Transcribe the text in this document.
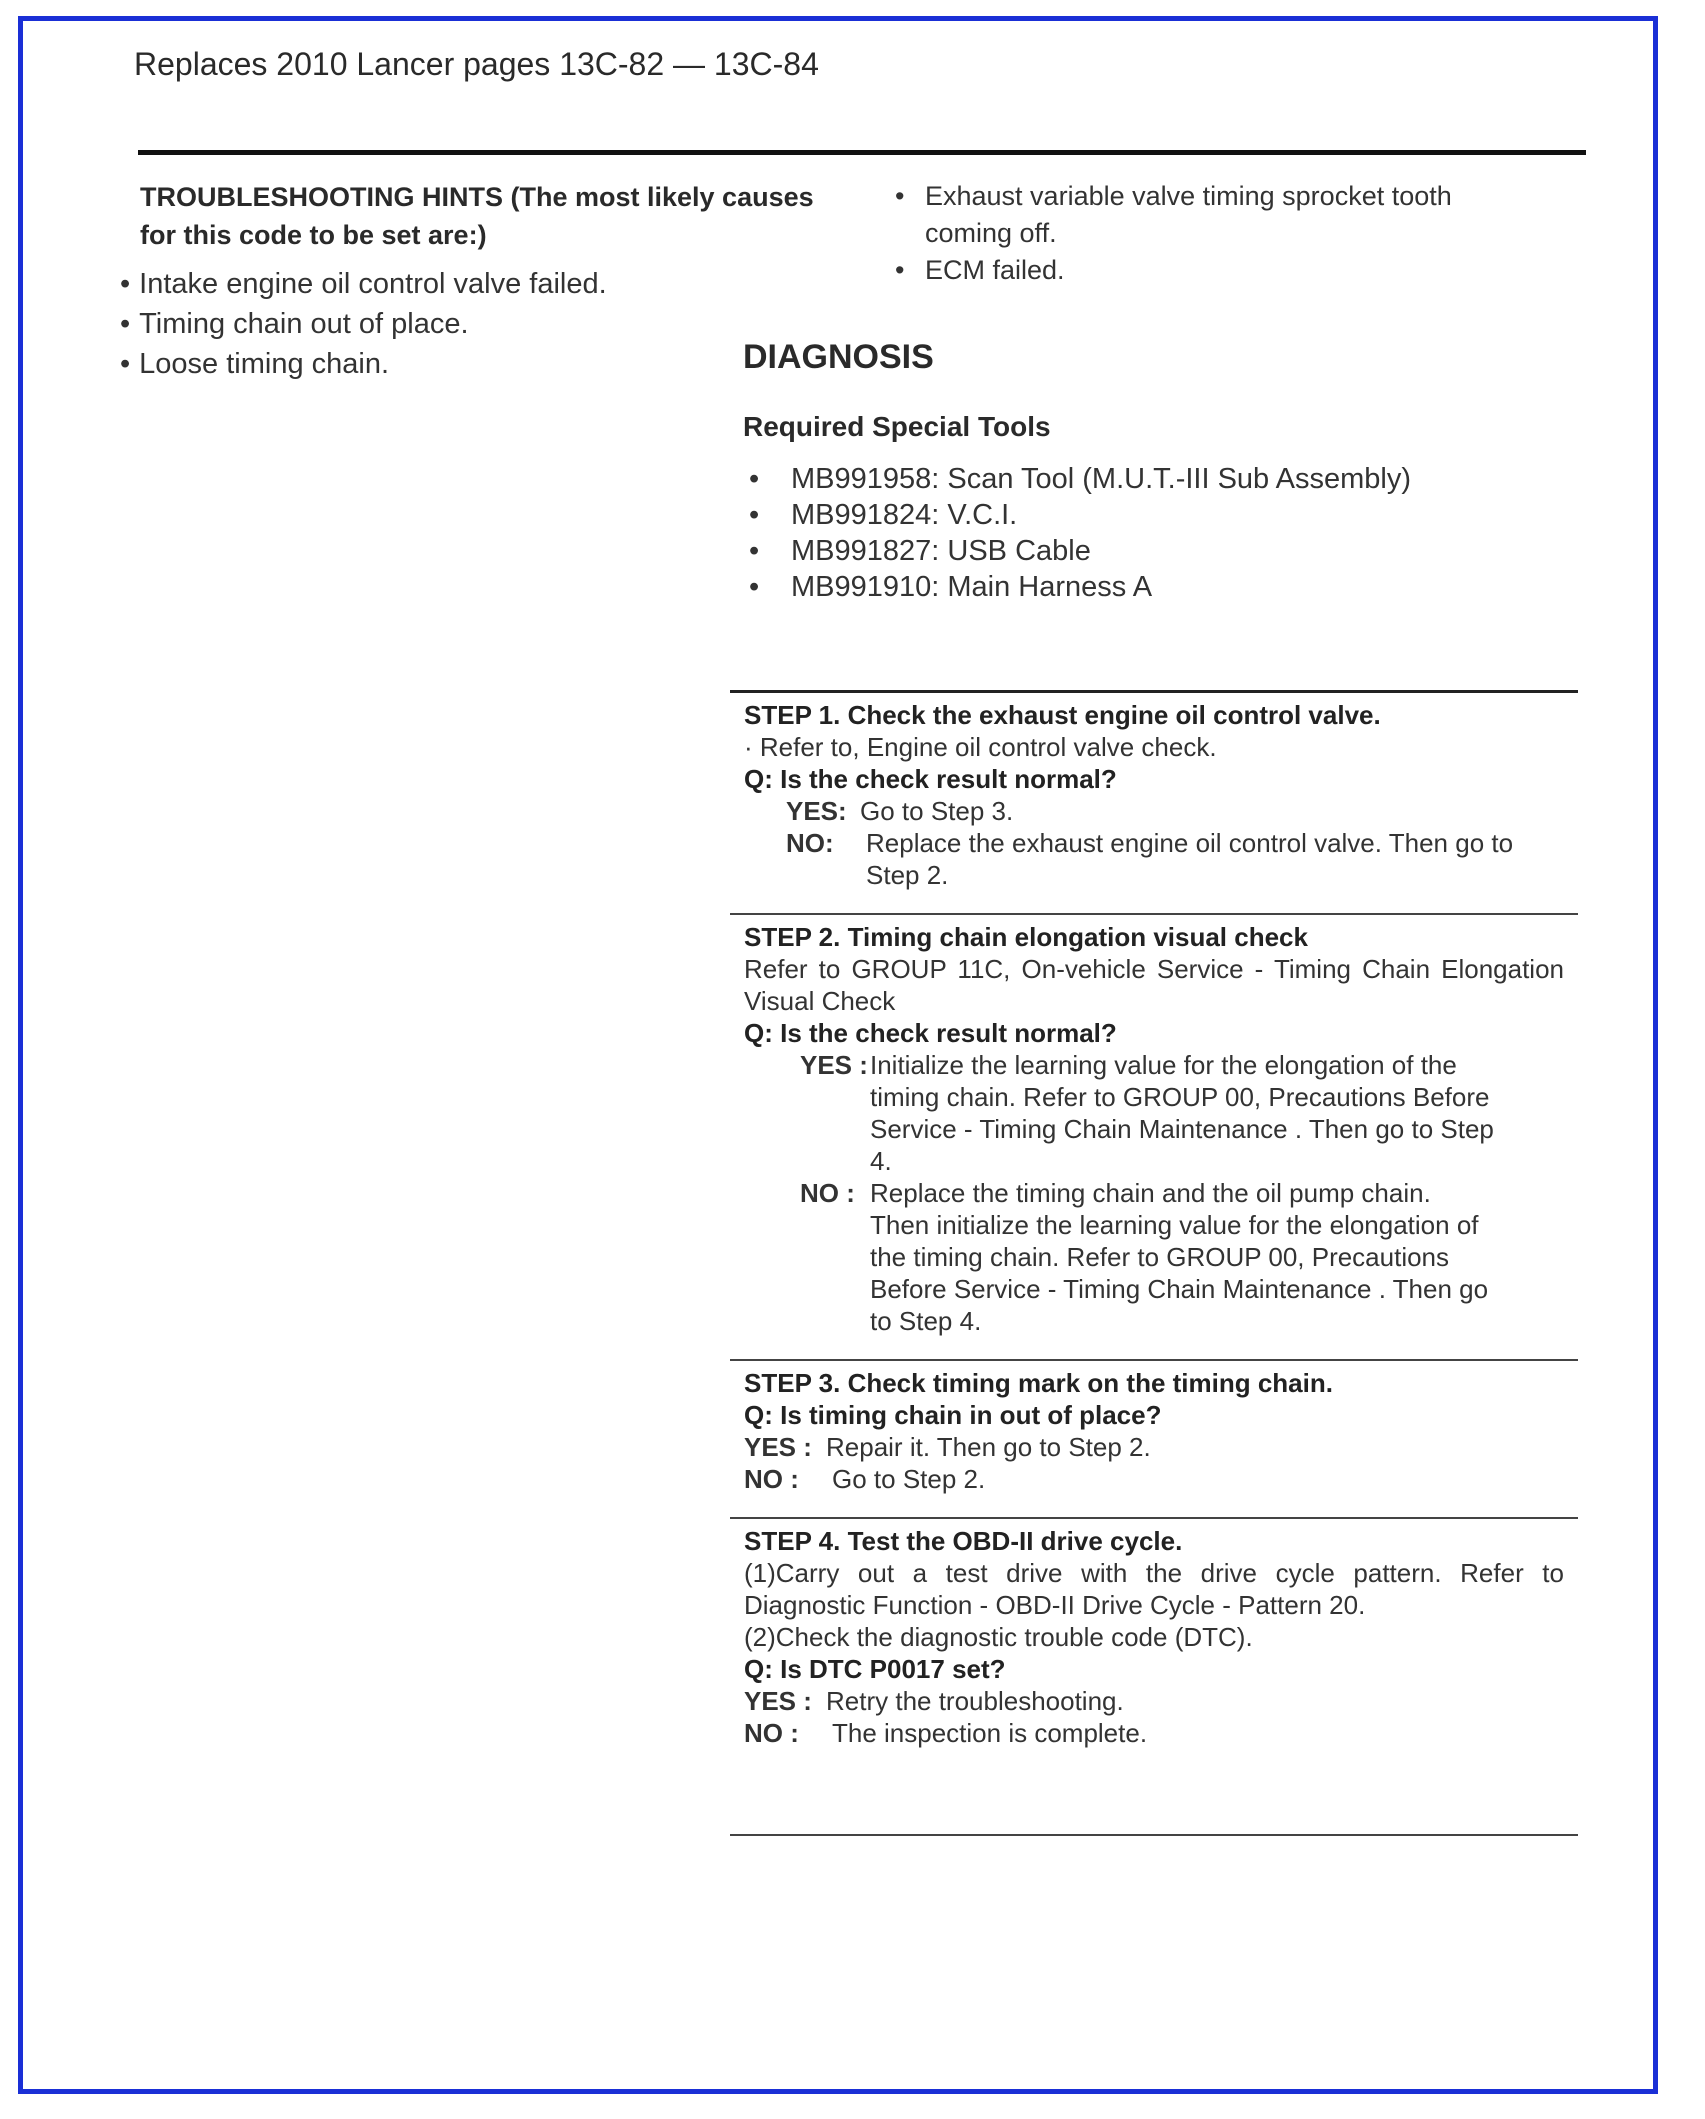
Replaces 2010 Lancer pages 13C-82 — 13C-84
TROUBLESHOOTING HINTS (The most likely causes for this code to be set are:)
• Intake engine oil control valve failed.
• Timing chain out of place.
• Loose timing chain.
• Exhaust variable valve timing sprocket tooth coming off.
• ECM failed.
DIAGNOSIS
Required Special Tools
• MB991958: Scan Tool (M.U.T.-III Sub Assembly)
• MB991824: V.C.I.
• MB991827: USB Cable
• MB991910: Main Harness A
STEP 1. Check the exhaust engine oil control valve.
· Refer to, Engine oil control valve check.
Q: Is the check result normal?
YES: Go to Step 3.
NO:	Replace the exhaust engine oil control valve. Then go to Step 2.
STEP 2. Timing chain elongation visual check
Refer to GROUP 11C, On-vehicle Service - Timing Chain Elongation Visual Check
Q: Is the check result normal?
YES : Initialize the learning value for the elongation of the timing chain. Refer to GROUP 00, Precautions Before Service - Timing Chain Maintenance . Then go to Step 4.
NO : Replace the timing chain and the oil pump chain. Then initialize the learning value for the elongation of the timing chain. Refer to GROUP 00, Precautions Before Service - Timing Chain Maintenance . Then go to Step 4.
STEP 3. Check timing mark on the timing chain.
Q: Is timing chain in out of place?
YES : Repair it. Then go to Step 2.
NO :	Go to Step 2.
STEP 4. Test the OBD-II drive cycle.
(1)Carry out a test drive with the drive cycle pattern. Refer to Diagnostic Function - OBD-II Drive Cycle - Pattern 20.
(2)Check the diagnostic trouble code (DTC).
Q: Is DTC P0017 set?
YES : Retry the troubleshooting.
NO :	The inspection is complete.
